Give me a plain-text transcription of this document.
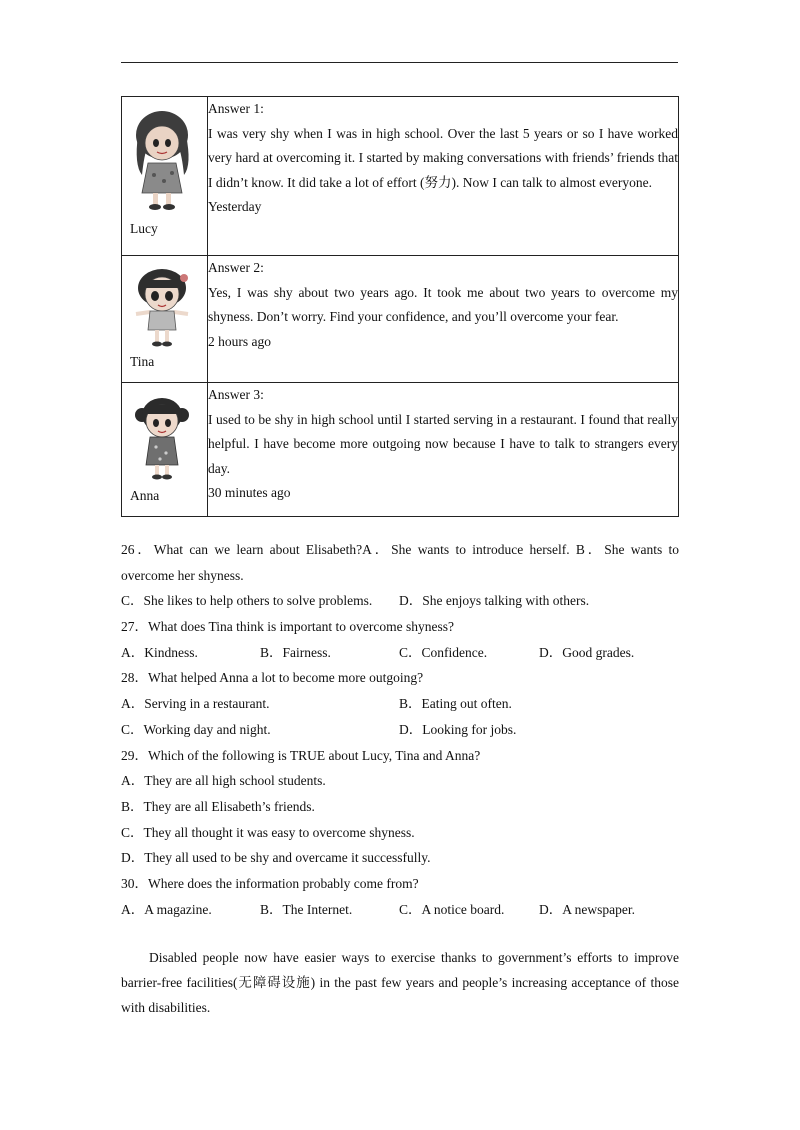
Lucy	Answer 1:

I was very shy when I was in high school. Over the last 5 years or so I have worked very hard at overcoming it. I started by making conversations with friends’ friends that I didn’t know. It did take a lot of effort (努力). Now I can talk to almost everyone.

Yesterday

Tina	Answer 2:

Yes, I was shy about two years ago. It took me about two years to overcome my shyness. Don’t worry. Find your confidence, and you’ll overcome your fear.

2 hours ago

Anna	Answer 3:

I used to be shy in high school until I started serving in a restaurant. I found that really helpful. I have become more outgoing now because I have to talk to strangers every day.

30 minutes ago

26．What can we learn about Elisabeth?A．She wants to introduce herself. B．She wants to
overcome her shyness.
C．She likes to help others to solve problems. D．She enjoys talking with others.
27．What does Tina think is important to overcome shyness?
A．Kindness.	B．Fairness.	C．Confidence.	D．Good grades.
28．What helped Anna a lot to become more outgoing?
A．Serving in a restaurant.	B．Eating out often.
C．Working day and night.	D．Looking for jobs.
29．Which of the following is TRUE about Lucy, Tina and Anna?
A．They are all high school students.
B．They are all Elisabeth’s friends.
C．They all thought it was easy to overcome shyness.
D．They all used to be shy and overcame it successfully.
30．Where does the information probably come from?
A．A magazine.	B．The Internet.	C．A notice board.	D．A newspaper.

Disabled people now have easier ways to exercise thanks to government’s efforts to improve barrier-free facilities(无障碍设施) in the past few years and people’s increasing acceptance of those with disabilities.
